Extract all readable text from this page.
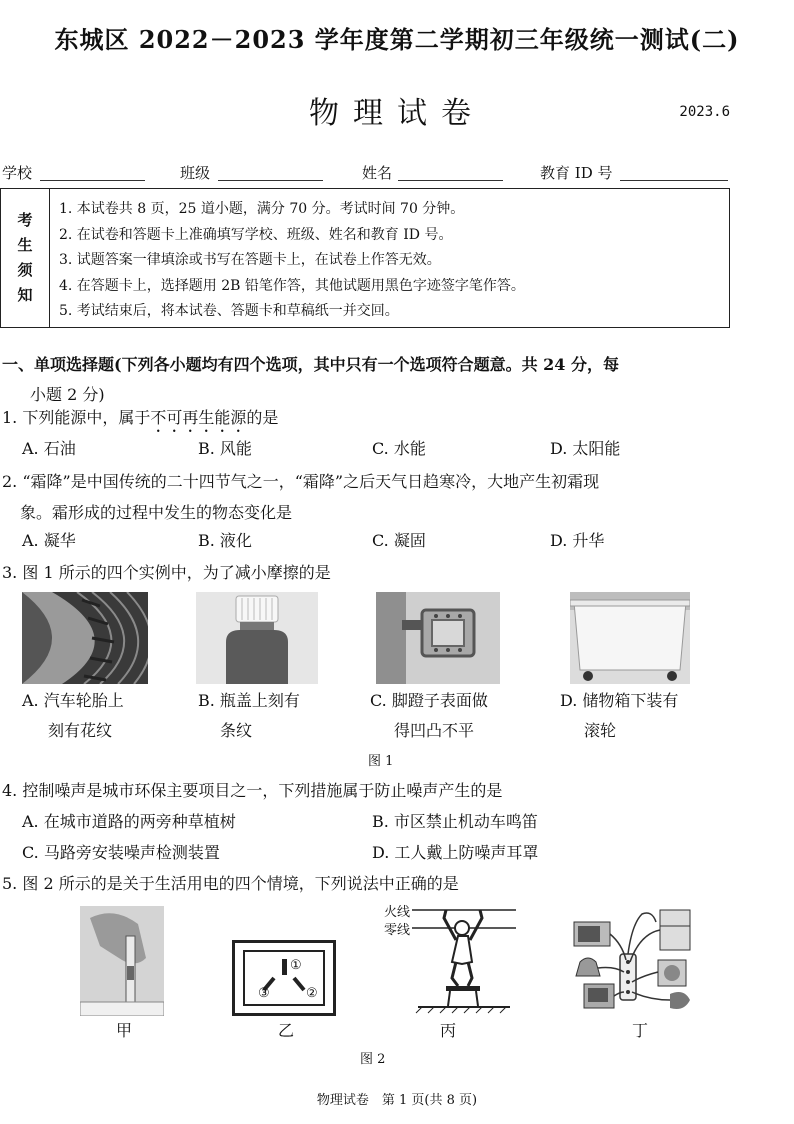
东城区 2022－2023 学年度第二学期初三年级统一测试(二)
物理试卷	2023.6
学校	班级	姓名	教育 ID 号
考
生
须
知
1. 本试卷共 8 页，25 道小题，满分 70 分。考试时间 70 分钟。
2. 在试卷和答题卡上准确填写学校、班级、姓名和教育 ID 号。
3. 试题答案一律填涂或书写在答题卡上，在试卷上作答无效。
4. 在答题卡上，选择题用 2B 铅笔作答，其他试题用黑色字迹签字笔作答。
5. 考试结束后，将本试卷、答题卡和草稿纸一并交回。
一、单项选择题(下列各小题均有四个选项，其中只有一个选项符合题意。共 24 分，每
小题 2 分)
1. 下列能源中，属于不可再生能源的是
A. 石油	B. 风能	C. 水能	D. 太阳能
2. “霜降”是中国传统的二十四节气之一，“霜降”之后天气日趋寒冷，大地产生初霜现
象。霜形成的过程中发生的物态变化是
A. 凝华	B. 液化	C. 凝固	D. 升华
3. 图 1 所示的四个实例中，为了减小摩擦的是
A. 汽车轮胎上
刻有花纹
B. 瓶盖上刻有
条纹
C. 脚蹬子表面做
得凹凸不平
D. 储物箱下装有
滚轮
图 1
4. 控制噪声是城市环保主要项目之一，下列措施属于防止噪声产生的是
A. 在城市道路的两旁种草植树	B. 市区禁止机动车鸣笛
C. 马路旁安装噪声检测装置	D. 工人戴上防噪声耳罩
5. 图 2 所示的是关于生活用电的四个情境，下列说法中正确的是
①
②
③
火线
零线
甲	乙	丙	丁
图 2
物理试卷　第 1 页(共 8 页)
